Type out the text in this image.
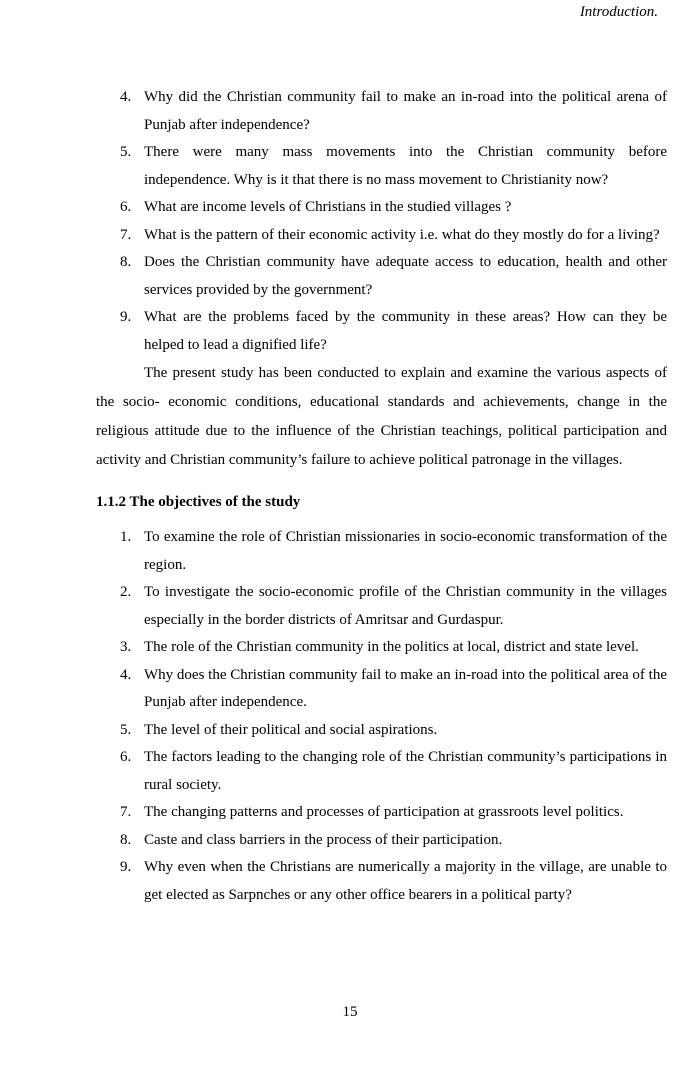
Introduction.
4. Why did the Christian community fail to make an in-road into the political arena of Punjab after independence?
5. There were many mass movements into the Christian community before independence. Why is it that there is no mass movement to Christianity now?
6. What are income levels of Christians in the studied villages ?
7. What is the pattern of their economic activity i.e. what do they mostly do for a living?
8. Does the Christian community have adequate access to education, health and other services provided by the government?
9. What are the problems faced by the community in these areas? How can they be helped to lead a dignified life?

The present study has been conducted to explain and examine the various aspects of the socio- economic conditions, educational standards and achievements, change in the religious attitude due to the influence of the Christian teachings, political participation and activity and Christian community’s failure to achieve political patronage in the villages.

1.1.2 The objectives of the study
1. To examine the role of Christian missionaries in socio-economic transformation of the region.
2. To investigate the socio-economic profile of the Christian community in the villages especially in the border districts of Amritsar and Gurdaspur.
3. The role of the Christian community in the politics at local, district and state level.
4. Why does the Christian community fail to make an in-road into the political area of the Punjab after independence.
5. The level of their political and social aspirations.
6. The factors leading to the changing role of the Christian community’s participations in rural society.
7. The changing patterns and processes of participation at grassroots level politics.
8. Caste and class barriers in the process of their participation.
9. Why even when the Christians are numerically a majority in the village, are unable to get elected as Sarpnches or any other office bearers in a political party?
15
